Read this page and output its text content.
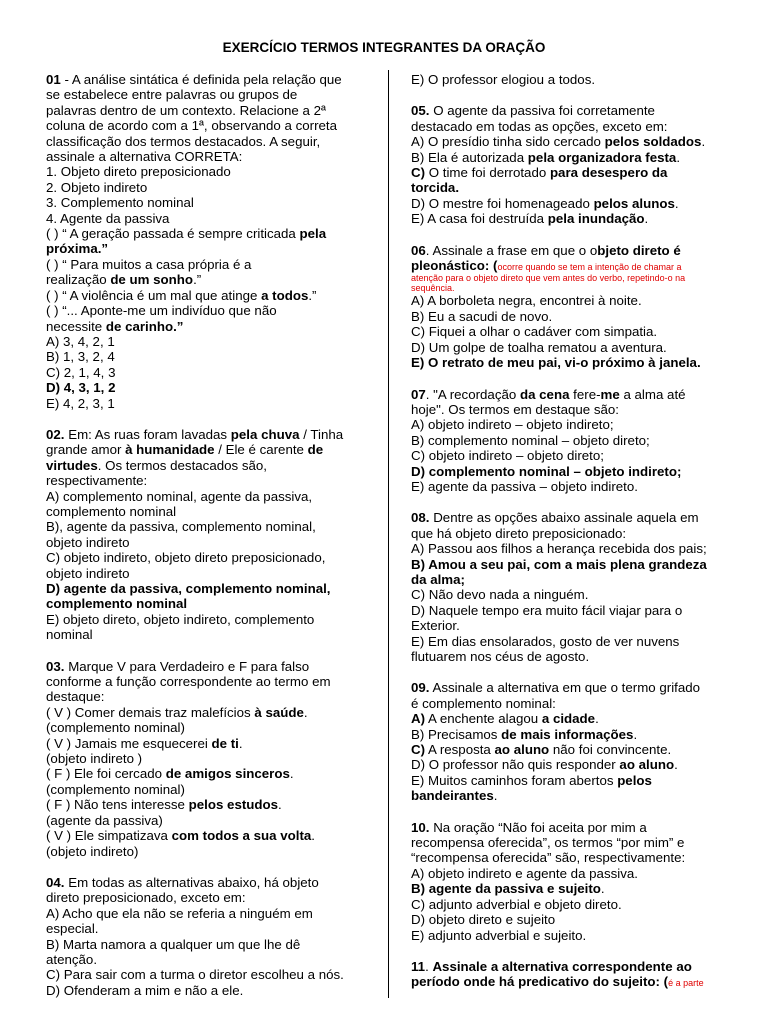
EXERCÍCIO TERMOS INTEGRANTES DA ORAÇÃO
01 - A análise sintática é definida pela relação que
se estabelece entre palavras ou grupos de
palavras dentro de um contexto. Relacione a 2ª
coluna de acordo com a 1ª, observando a correta
classificação dos termos destacados. A seguir,
assinale a alternativa CORRETA:
1. Objeto direto preposicionado
2. Objeto indireto
3. Complemento nominal
4. Agente da passiva
( ) “ A geração passada é sempre criticada pela
próxima.”
( ) “ Para muitos a casa própria é a
realização de um sonho.”
( ) “ A violência é um mal que atinge a todos.”
( ) “... Aponte-me um indivíduo que não
necessite de carinho.”
A) 3, 4, 2, 1
B) 1, 3, 2, 4
C) 2, 1, 4, 3
D) 4, 3, 1, 2
E) 4, 2, 3, 1
02. Em: As ruas foram lavadas pela chuva / Tinha
grande amor à humanidade / Ele é carente de
virtudes. Os termos destacados são,
respectivamente:
A) complemento nominal, agente da passiva,
complemento nominal
B), agente da passiva, complemento nominal,
objeto indireto
C) objeto indireto, objeto direto preposicionado,
objeto indireto
D) agente da passiva, complemento nominal,
complemento nominal
E) objeto direto, objeto indireto, complemento
nominal
03. Marque V para Verdadeiro e F para falso
conforme a função correspondente ao termo em
destaque:
( V ) Comer demais traz malefícios à saúde.
(complemento nominal)
( V ) Jamais me esquecerei de ti.
(objeto indireto )
( F ) Ele foi cercado de amigos sinceros.
(complemento nominal)
( F ) Não tens interesse pelos estudos.
(agente da passiva)
( V ) Ele simpatizava com todos a sua volta.
(objeto indireto)
04. Em todas as alternativas abaixo, há objeto
direto preposicionado, exceto em:
A) Acho que ela não se referia a ninguém em
especial.
B) Marta namora a qualquer um que lhe dê
atenção.
C) Para sair com a turma o diretor escolheu a nós.
D) Ofenderam a mim e não a ele.
E) O professor elogiou a todos.
05. O agente da passiva foi corretamente
destacado em todas as opções, exceto em:
A) O presídio tinha sido cercado pelos soldados.
B) Ela é autorizada pela organizadora festa.
C) O time foi derrotado para desespero da
torcida.
D) O mestre foi homenageado pelos alunos.
E) A casa foi destruída pela inundação.
06. Assinale a frase em que o objeto direto é
pleonástico: (ocorre quando se tem a intenção de chamar a
atenção para o objeto direto que vem antes do verbo, repetindo-o na
sequência.
A) A borboleta negra, encontrei à noite.
B) Eu a sacudi de novo.
C) Fiquei a olhar o cadáver com simpatia.
D) Um golpe de toalha rematou a aventura.
E) O retrato de meu pai, vi-o próximo à janela.
07. "A recordação da cena fere-me a alma até
hoje". Os termos em destaque são:
A) objeto indireto – objeto indireto;
B) complemento nominal – objeto direto;
C) objeto indireto – objeto direto;
D) complemento nominal – objeto indireto;
E) agente da passiva – objeto indireto.
08. Dentre as opções abaixo assinale aquela em
que há objeto direto preposicionado:
A) Passou aos filhos a herança recebida dos pais;
B) Amou a seu pai, com a mais plena grandeza
da alma;
C) Não devo nada a ninguém.
D) Naquele tempo era muito fácil viajar para o
Exterior.
E) Em dias ensolarados, gosto de ver nuvens
flutuarem nos céus de agosto.
09. Assinale a alternativa em que o termo grifado
é complemento nominal:
A) A enchente alagou a cidade.
B) Precisamos de mais informações.
C) A resposta ao aluno não foi convincente.
D) O professor não quis responder ao aluno.
E) Muitos caminhos foram abertos pelos
bandeirantes.
10. Na oração “Não foi aceita por mim a
recompensa oferecida”, os termos “por mim” e
“recompensa oferecida” são, respectivamente:
A) objeto indireto e agente da passiva.
B) agente da passiva e sujeito.
C) adjunto adverbial e objeto direto.
D) objeto direto e sujeito
E) adjunto adverbial e sujeito.
11. Assinale a alternativa correspondente ao
período onde há predicativo do sujeito: (é a parte
